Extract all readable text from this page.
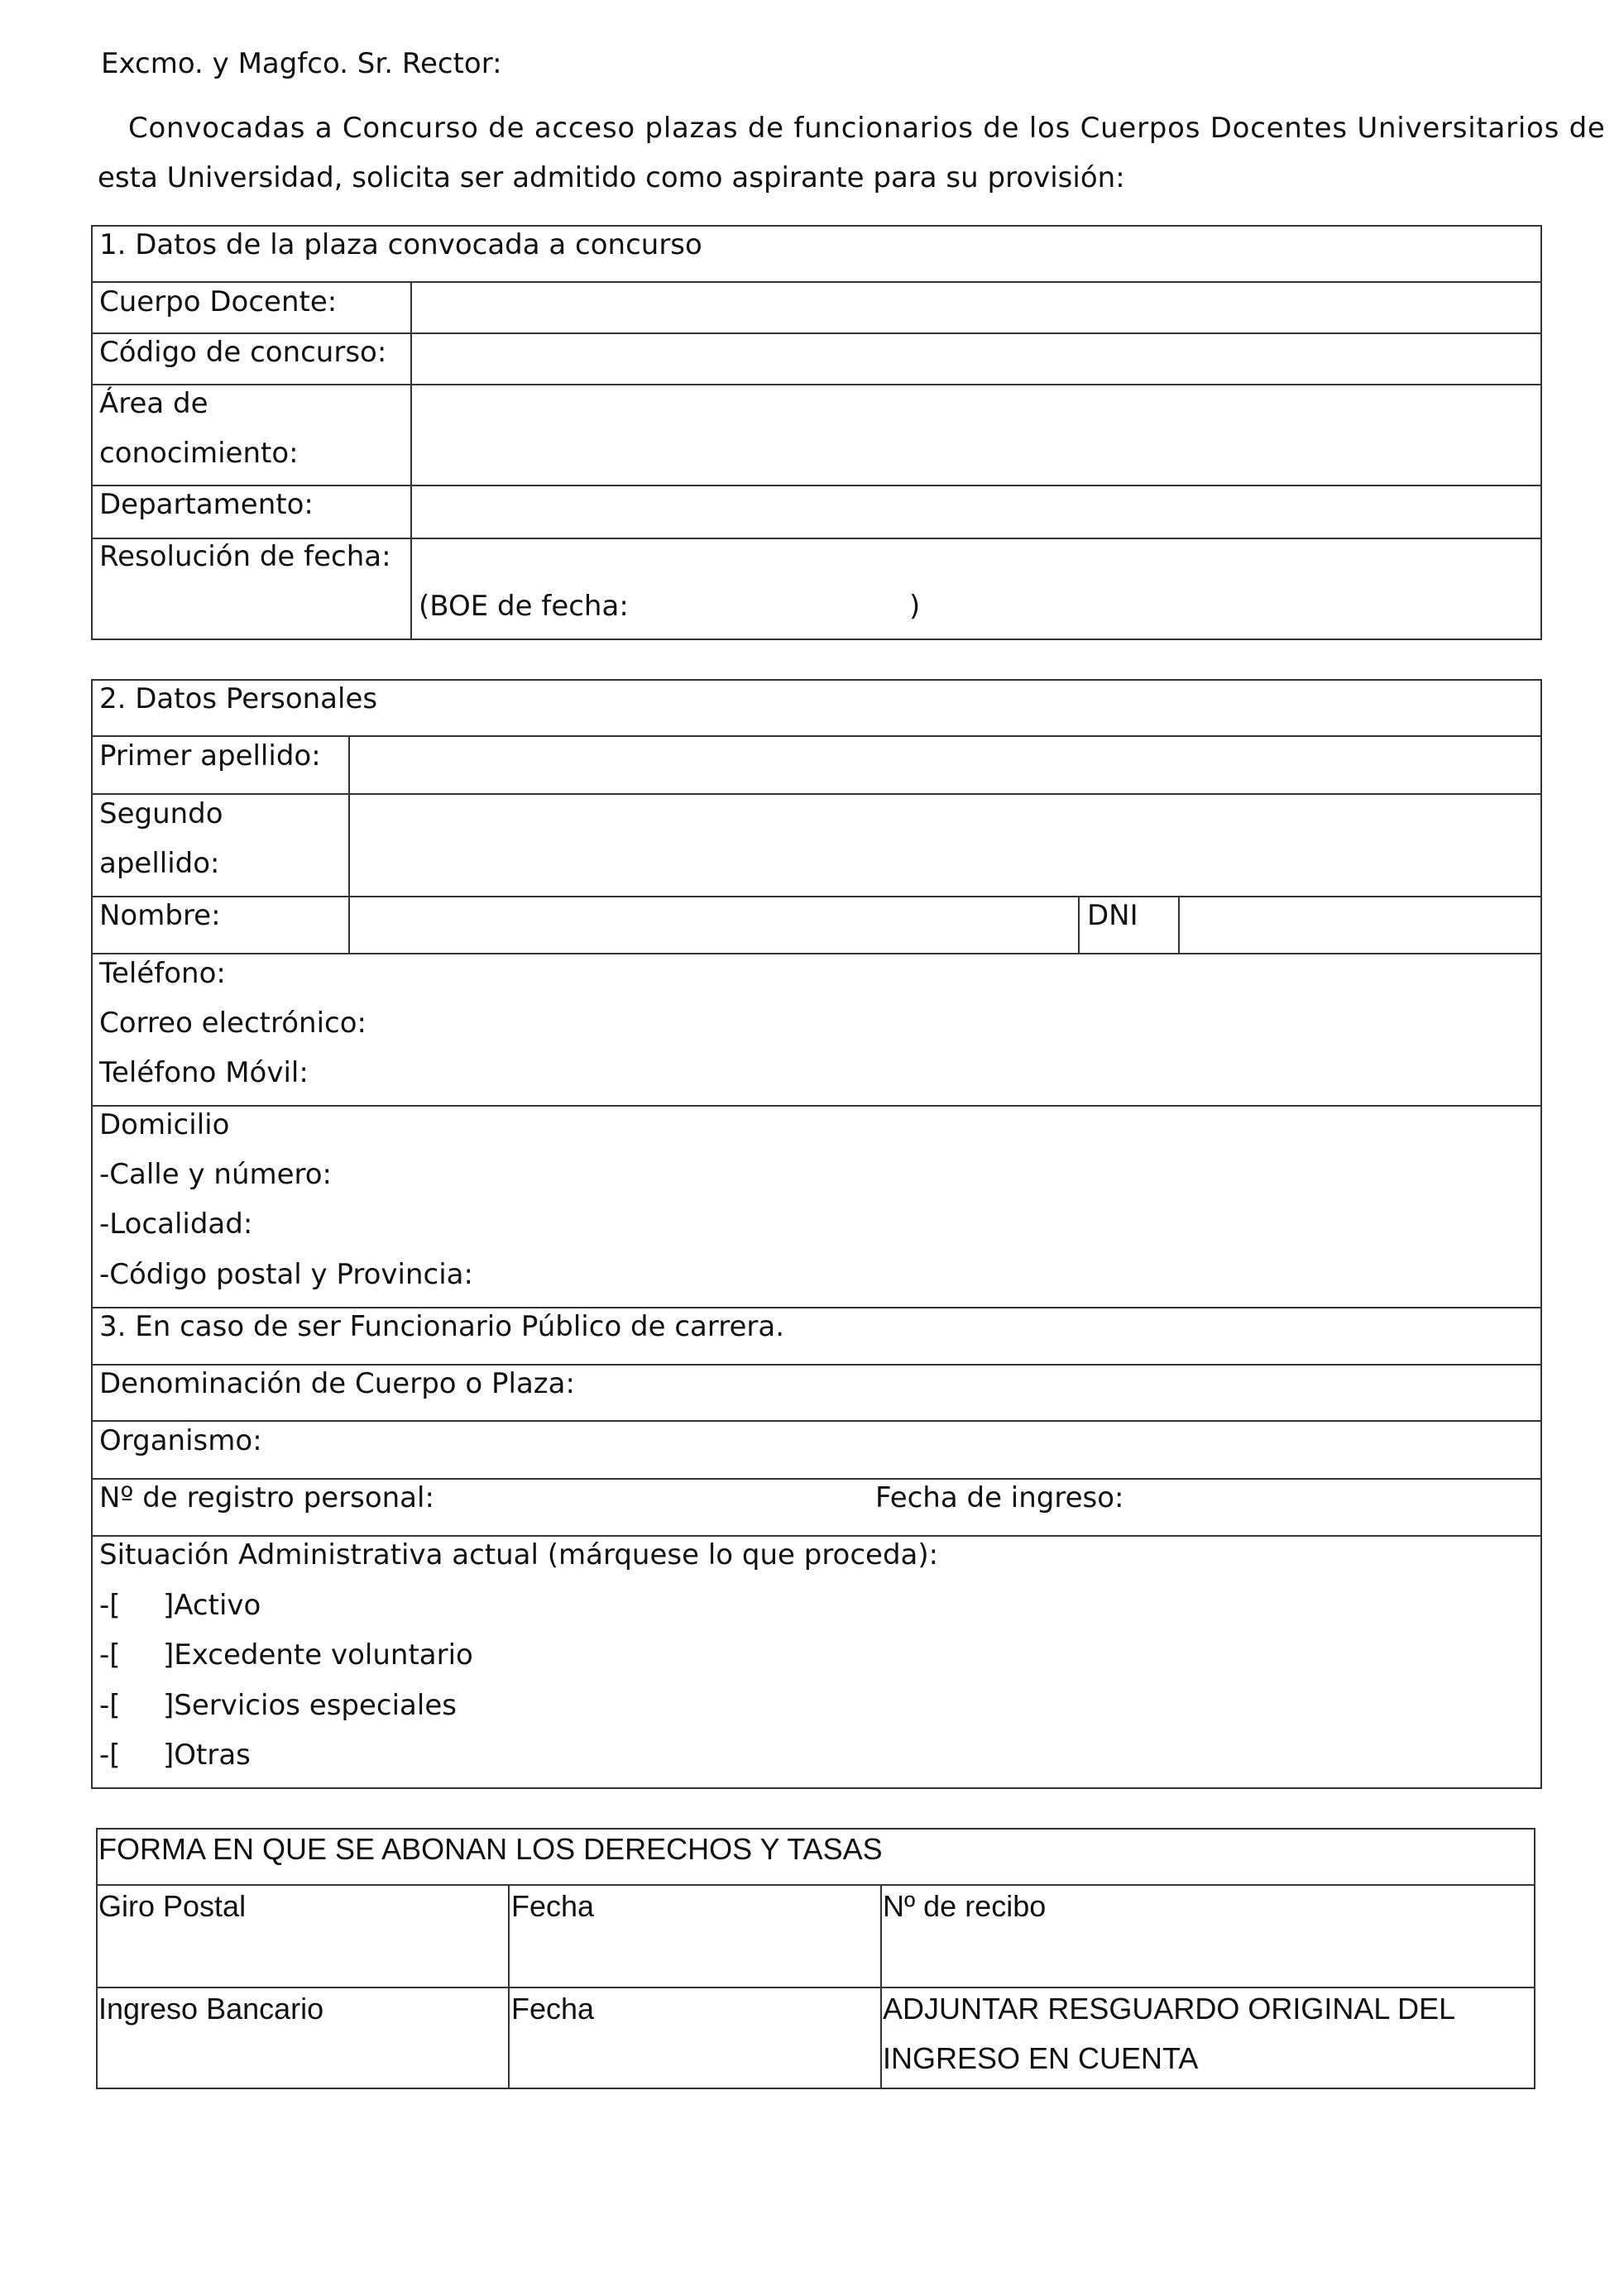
Excmo. y Magfco. Sr. Rector:
Convocadas a Concurso de acceso plazas de funcionarios de los Cuerpos Docentes Universitarios de
esta Universidad, solicita ser admitido como aspirante para su provisión:
1. Datos de la plaza convocada a concurso
Cuerpo Docente:
Código de concurso:
Área de
conocimiento:
Departamento:
Resolución de fecha:
(BOE de fecha:	)
2. Datos Personales
Primer apellido:
Segundo
apellido:
Nombre:	DNI
Teléfono:
Correo electrónico:
Teléfono Móvil:
Domicilio
-Calle y número:
-Localidad:
-Código postal y Provincia:
3. En caso de ser Funcionario Público de carrera.
Denominación de Cuerpo o Plaza:
Organismo:
Nº de registro personal:	Fecha de ingreso:
Situación Administrativa actual (márquese lo que proceda):
-[ ]Activo
-[ ]Excedente voluntario
-[ ]Servicios especiales
-[ ]Otras
FORMA EN QUE SE ABONAN LOS DERECHOS Y TASAS
Giro Postal	Fecha	Nº de recibo
Ingreso Bancario	Fecha	ADJUNTAR RESGUARDO ORIGINAL DEL
INGRESO EN CUENTA
